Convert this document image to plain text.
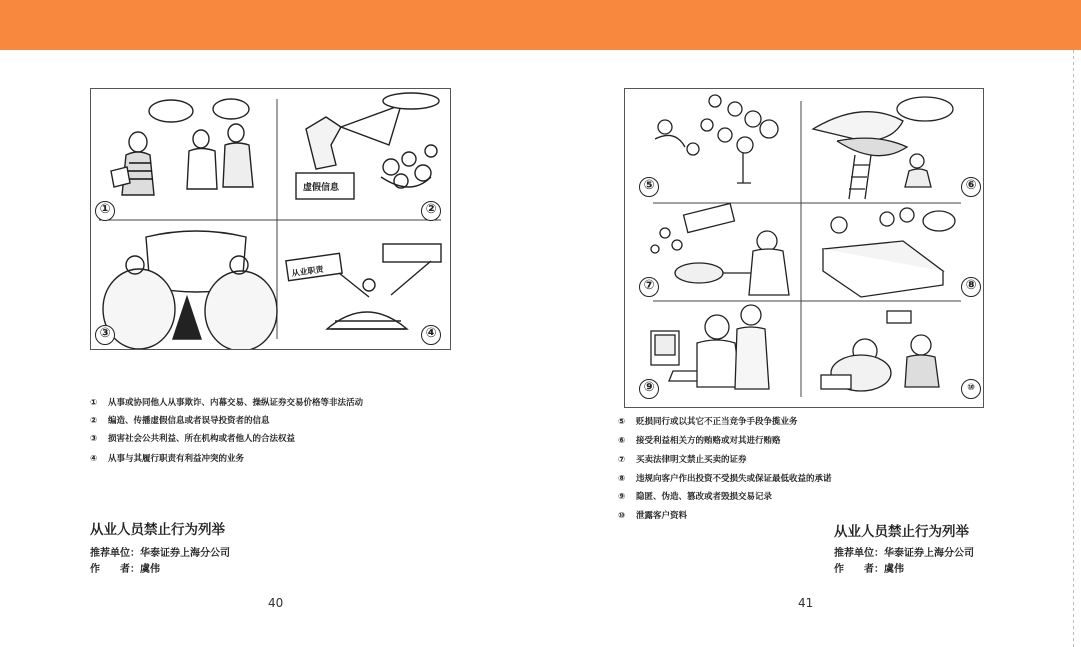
虚假信息
从业职责
①	②
③	④
① 从事或协同他人从事欺诈、内幕交易、操纵证券交易价格等非法活动
② 编造、传播虚假信息或者误导投资者的信息
③ 损害社会公共利益、所在机构或者他人的合法权益
④ 从事与其履行职责有利益冲突的业务
从业人员禁止行为列举
推荐单位：华泰证券上海分公司
作　　者：虞伟
40
⑤	⑥
⑦	⑧
⑨	⑩
⑤ 贬损同行或以其它不正当竞争手段争揽业务
⑥ 接受利益相关方的贿赂或对其进行贿赂
⑦ 买卖法律明文禁止买卖的证券
⑧ 违规向客户作出投资不受损失或保证最低收益的承诺
⑨ 隐匿、伪造、篡改或者毁损交易记录
⑩ 泄露客户资料
从业人员禁止行为列举
推荐单位：华泰证券上海分公司
作　　者：虞伟
41
